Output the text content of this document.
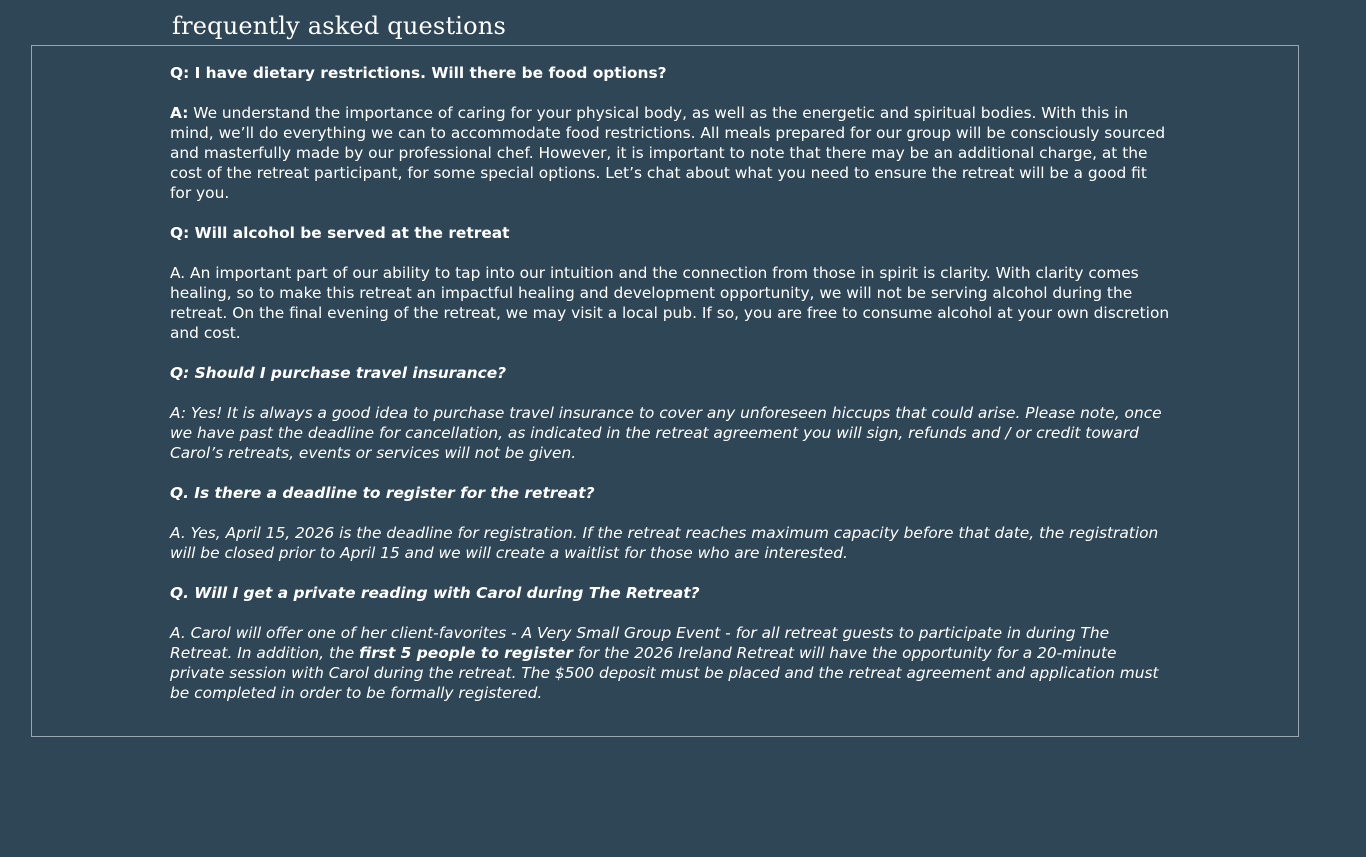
frequently asked questions

Q: I have dietary restrictions. Will there be food options?

A: We understand the importance of caring for your physical body, as well as the energetic and spiritual bodies. With this in mind, we’ll do everything we can to accommodate food restrictions. All meals prepared for our group will be consciously sourced and masterfully made by our professional chef. However, it is important to note that there may be an additional charge, at the cost of the retreat participant, for some special options. Let’s chat about what you need to ensure the retreat will be a good fit for you.

Q: Will alcohol be served at the retreat

A. An important part of our ability to tap into our intuition and the connection from those in spirit is clarity. With clarity comes healing, so to make this retreat an impactful healing and development opportunity, we will not be serving alcohol during the retreat. On the final evening of the retreat, we may visit a local pub. If so, you are free to consume alcohol at your own discretion and cost.

Q: Should I purchase travel insurance?

A: Yes! It is always a good idea to purchase travel insurance to cover any unforeseen hiccups that could arise. Please note, once we have past the deadline for cancellation, as indicated in the retreat agreement you will sign, refunds and / or credit toward Carol’s retreats, events or services will not be given.

Q. Is there a deadline to register for the retreat?

A. Yes, April 15, 2026 is the deadline for registration. If the retreat reaches maximum capacity before that date, the registration will be closed prior to April 15 and we will create a waitlist for those who are interested.

Q. Will I get a private reading with Carol during The Retreat?

A. Carol will offer one of her client-favorites - A Very Small Group Event - for all retreat guests to participate in during The Retreat. In addition, the first 5 people to register for the 2026 Ireland Retreat will have the opportunity for a 20-minute private session with Carol during the retreat. The $500 deposit must be placed and the retreat agreement and application must be completed in order to be formally registered.
